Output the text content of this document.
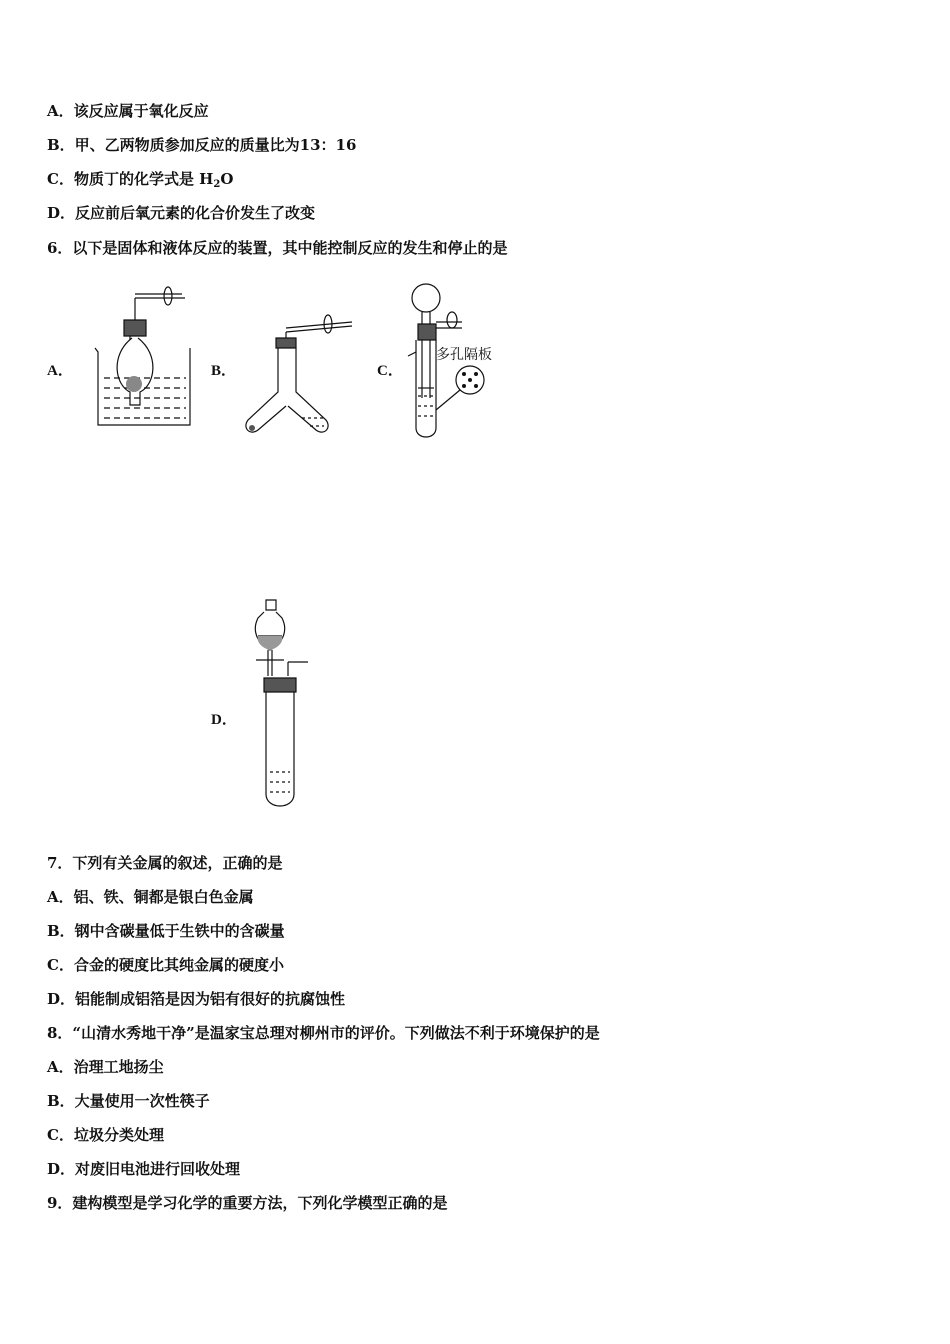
A．该反应属于氧化反应
B．甲、乙两物质参加反应的质量比为13：16
C．物质丁的化学式是 $H_2O$
D．反应前后氧元素的化合价发生了改变
6．以下是固体和液体反应的装置，其中能控制反应的发生和停止的是
A．	B．	C．
D．
多孔隔板
7．下列有关金属的叙述，正确的是
A．铝、铁、铜都是银白色金属
B．钢中含碳量低于生铁中的含碳量
C．合金的硬度比其纯金属的硬度小
D．铝能制成铝箔是因为铝有很好的抗腐蚀性
8．“山清水秀地干净”是温家宝总理对柳州市的评价。下列做法不利于环境保护的是
A．治理工地扬尘
B．大量使用一次性筷子
C．垃圾分类处理
D．对废旧电池进行回收处理
9．建构模型是学习化学的重要方法，下列化学模型正确的是
